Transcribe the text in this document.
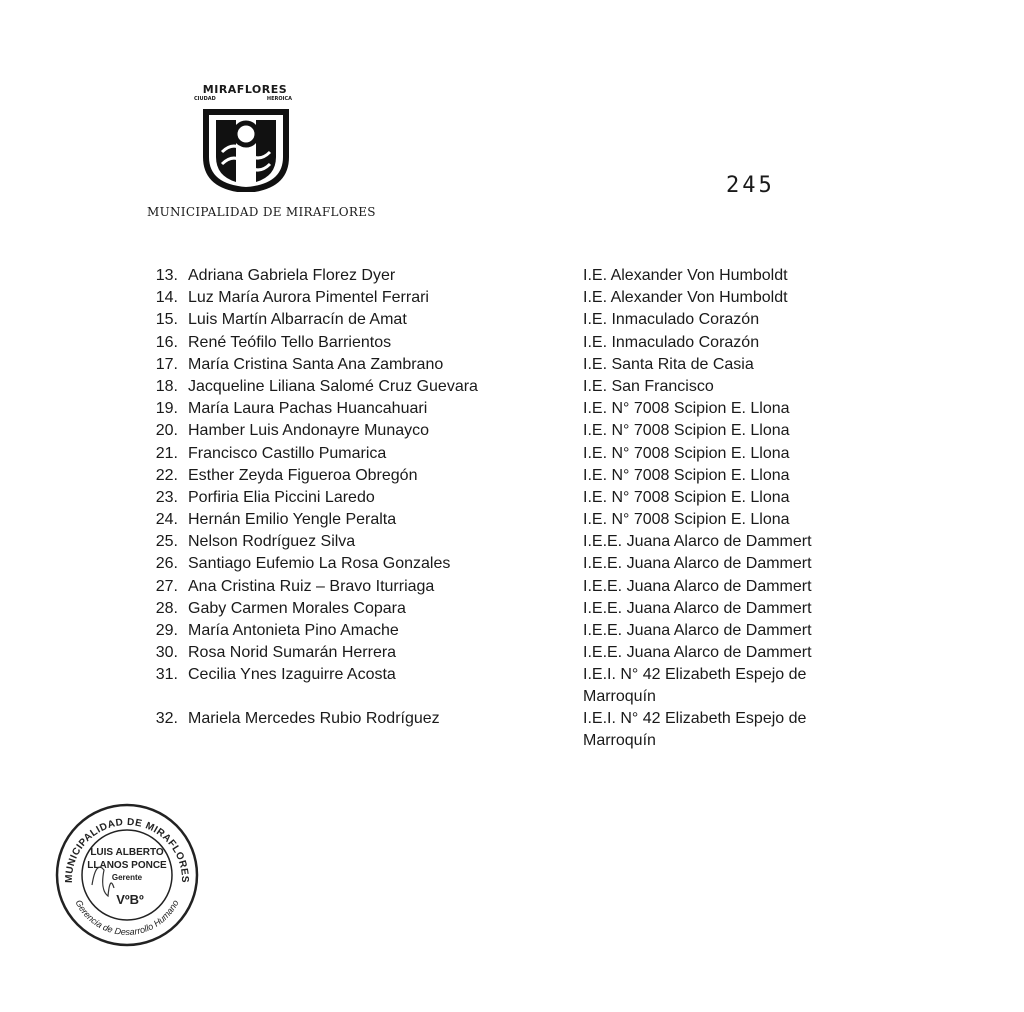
MIRAFLORES
CIUDAD	HEROICA
MUNICIPALIDAD DE MIRAFLORES
245
13. Adriana Gabriela Florez Dyer	I.E. Alexander Von Humboldt
14. Luz María Aurora Pimentel Ferrari	I.E. Alexander Von Humboldt
15. Luis Martín Albarracín de Amat	I.E. Inmaculado Corazón
16. René Teófilo Tello Barrientos	I.E. Inmaculado Corazón
17. María Cristina Santa Ana Zambrano	I.E. Santa Rita de Casia
18. Jacqueline Liliana Salomé Cruz Guevara	I.E. San Francisco
19. María Laura Pachas Huancahuari	I.E. N° 7008 Scipion E. Llona
20. Hamber Luis Andonayre Munayco	I.E. N° 7008 Scipion E. Llona
21. Francisco Castillo Pumarica	I.E. N° 7008 Scipion E. Llona
22. Esther Zeyda Figueroa Obregón	I.E. N° 7008 Scipion E. Llona
23. Porfiria Elia Piccini Laredo	I.E. N° 7008 Scipion E. Llona
24. Hernán Emilio Yengle Peralta	I.E. N° 7008 Scipion E. Llona
25. Nelson Rodríguez Silva	I.E.E. Juana Alarco de Dammert
26. Santiago Eufemio La Rosa Gonzales	I.E.E. Juana Alarco de Dammert
27. Ana Cristina Ruiz – Bravo Iturriaga	I.E.E. Juana Alarco de Dammert
28. Gaby Carmen Morales Copara	I.E.E. Juana Alarco de Dammert
29. María Antonieta Pino Amache	I.E.E. Juana Alarco de Dammert
30. Rosa Norid Sumarán Herrera	I.E.E. Juana Alarco de Dammert
31. Cecilia Ynes Izaguirre Acosta	I.E.I. N° 42 Elizabeth Espejo de Marroquín
32. Mariela Mercedes Rubio Rodríguez	I.E.I. N° 42 Elizabeth Espejo de Marroquín
MUNICIPALIDAD DE MIRAFLORES
Gerencia de Desarrollo Humano
LUIS ALBERTO
LLANOS PONCE
Gerente
VºBº
